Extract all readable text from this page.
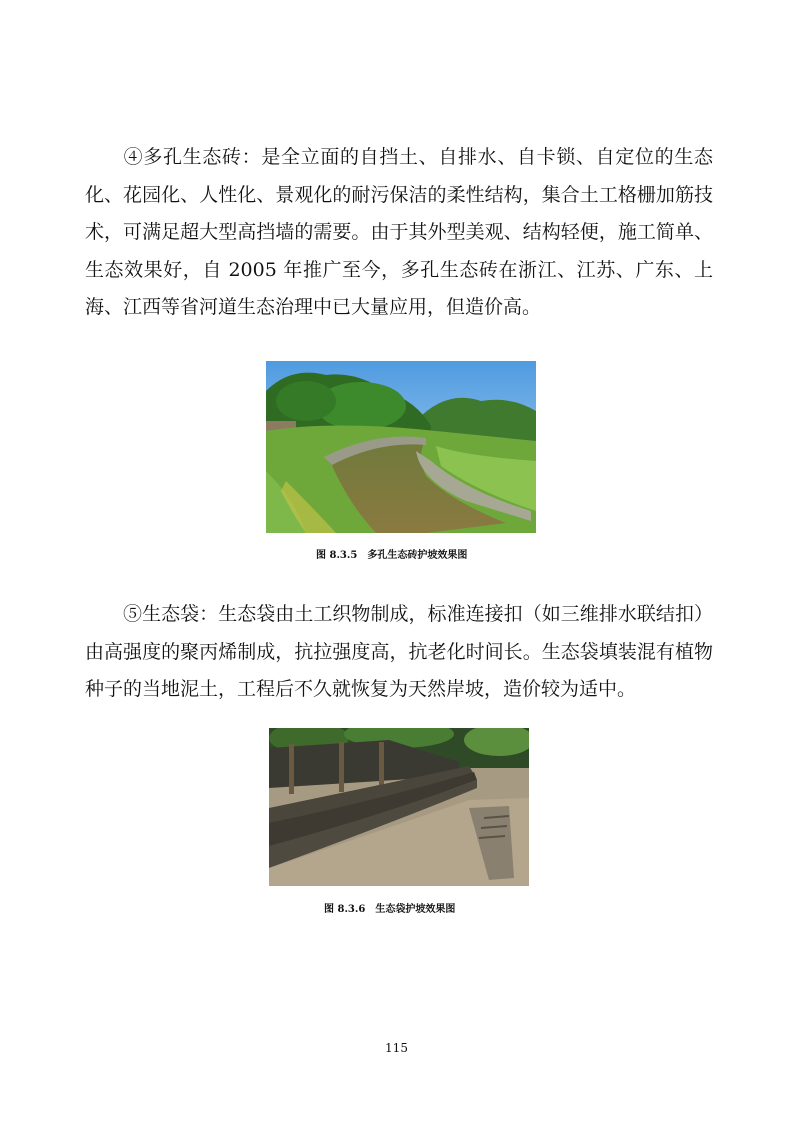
④多孔生态砖：是全立面的自挡土、自排水、自卡锁、自定位的生态化、花园化、人性化、景观化的耐污保洁的柔性结构，集合土工格栅加筋技术，可满足超大型高挡墙的需要。由于其外型美观、结构轻便，施工简单、生态效果好，自 2005 年推广至今，多孔生态砖在浙江、江苏、广东、上海、江西等省河道生态治理中已大量应用，但造价高。

图 8.3.5 多孔生态砖护坡效果图

⑤生态袋：生态袋由土工织物制成，标准连接扣（如三维排水联结扣）由高强度的聚丙烯制成，抗拉强度高，抗老化时间长。生态袋填装混有植物种子的当地泥土，工程后不久就恢复为天然岸坡，造价较为适中。

图 8.3.6 生态袋护坡效果图

115
